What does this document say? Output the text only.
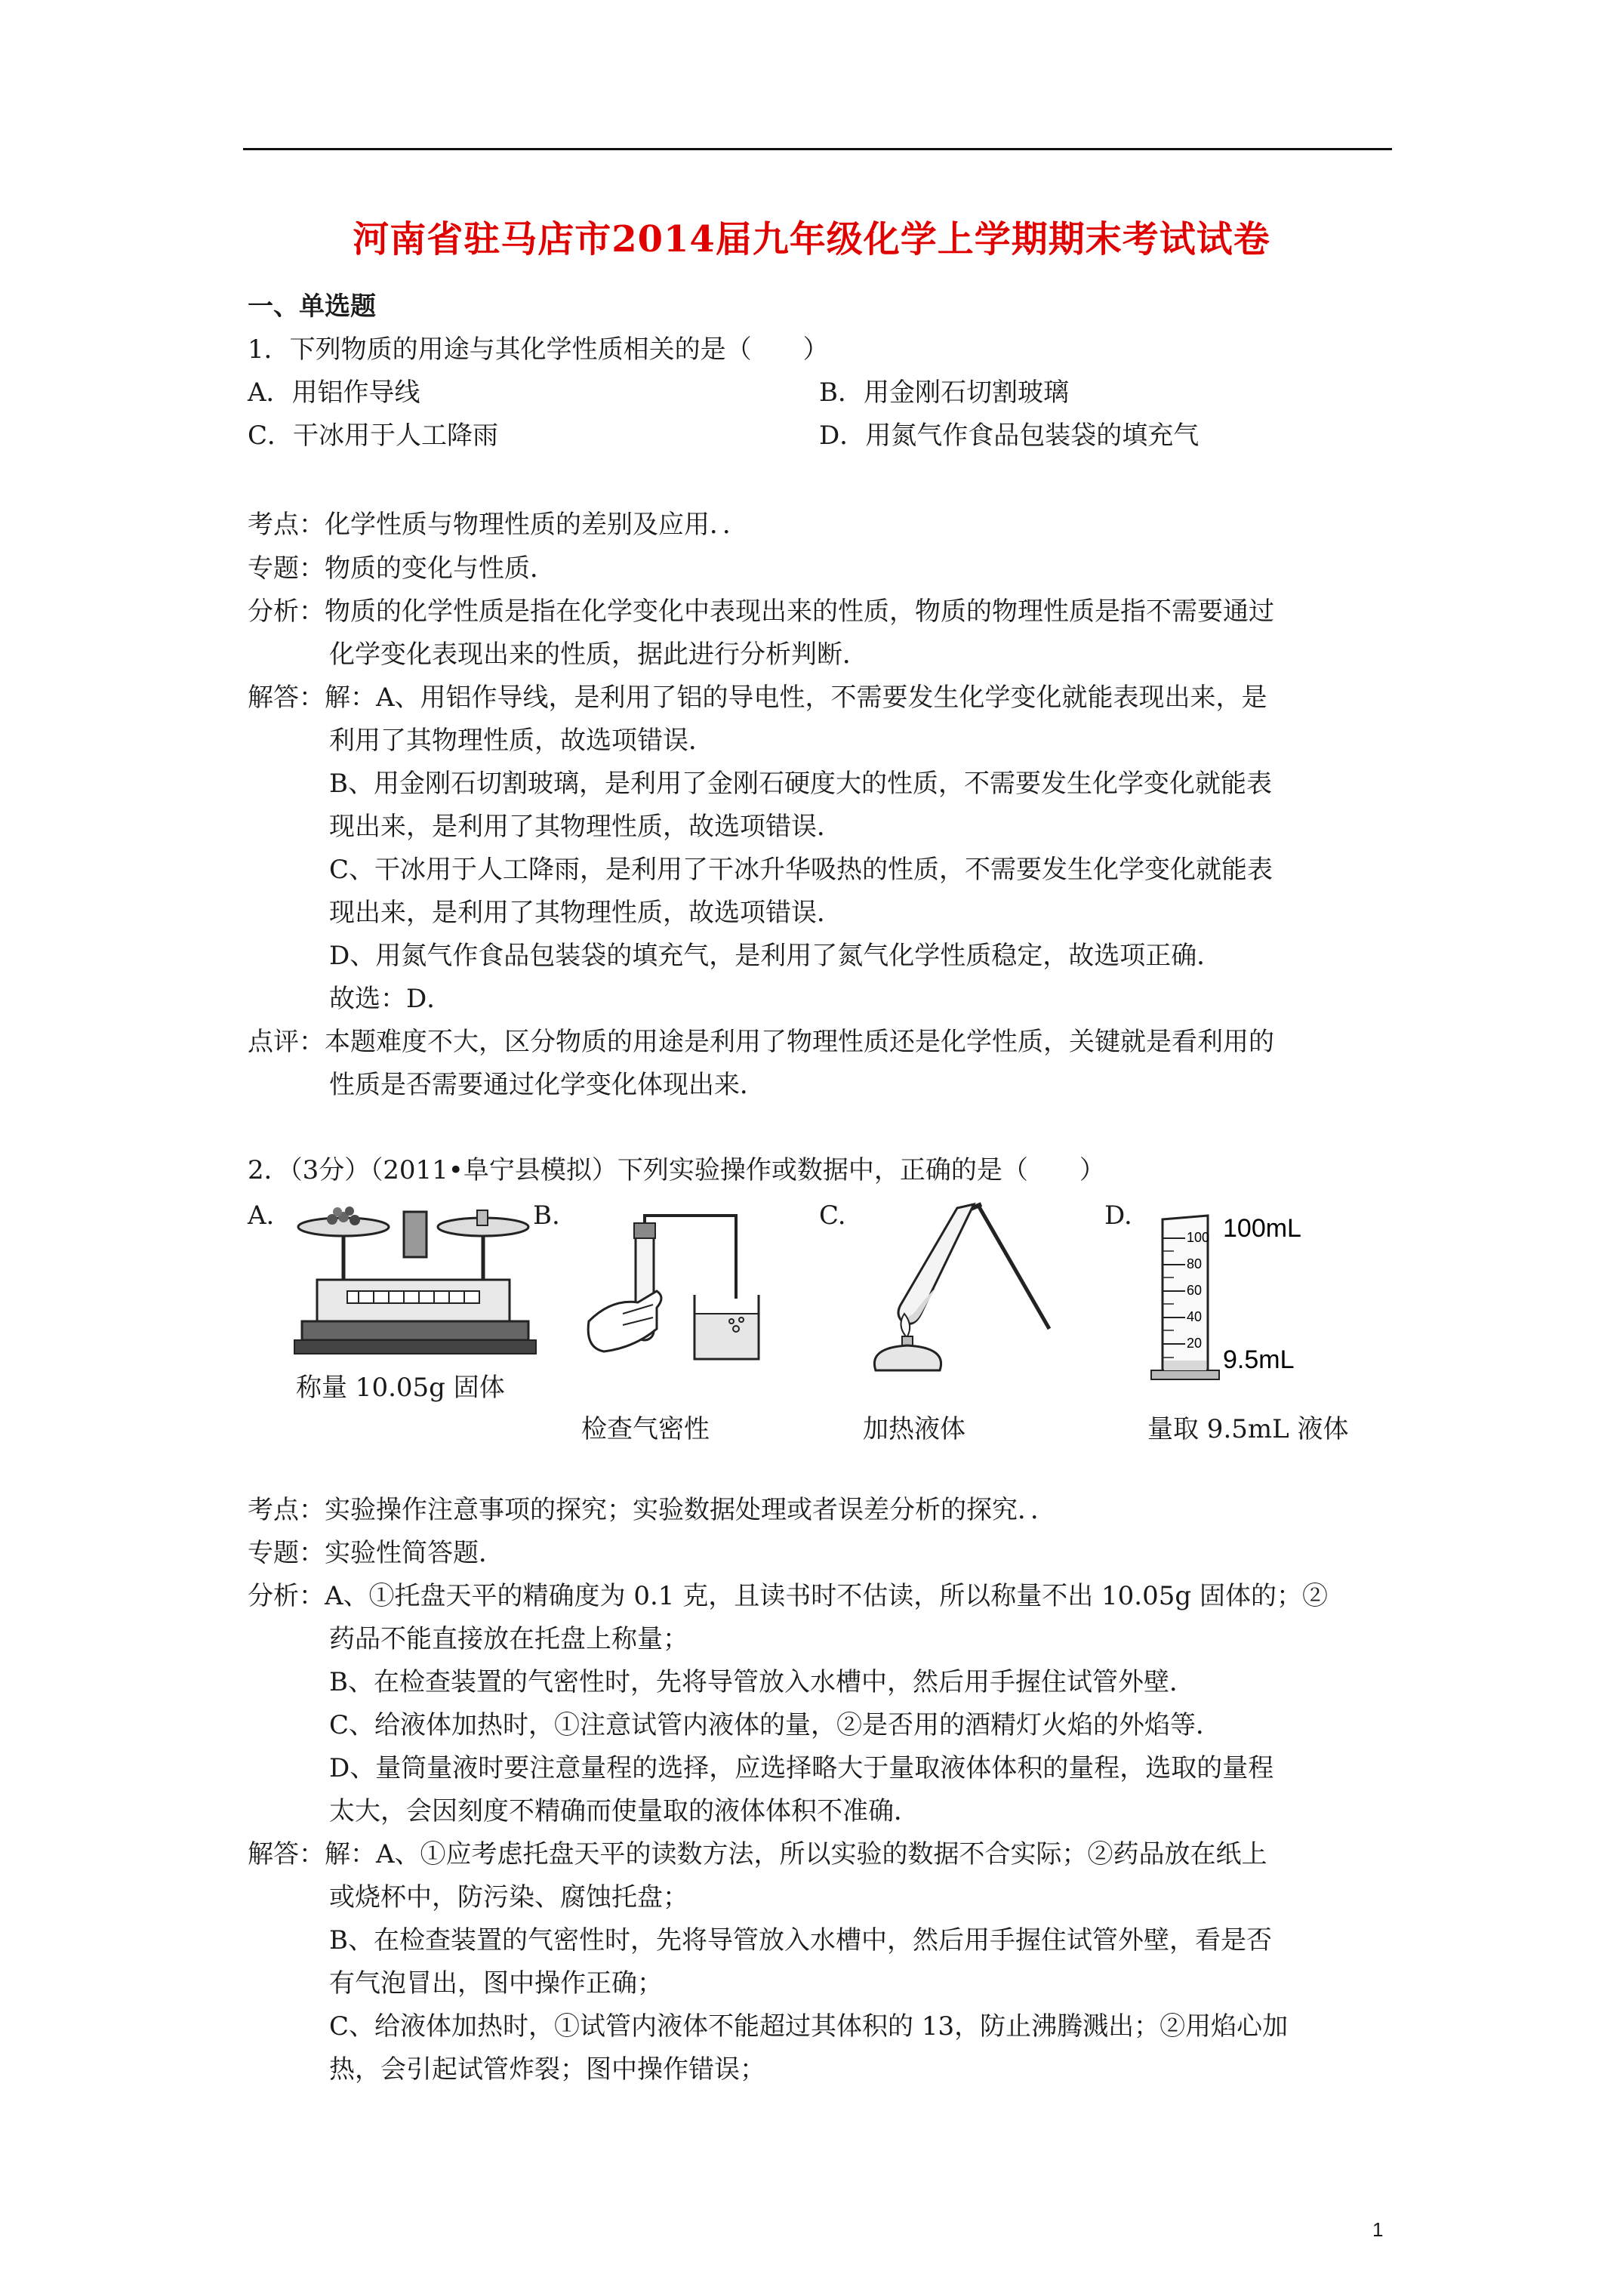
河南省驻马店市2014届九年级化学上学期期末考试试卷
一、单选题
1．下列物质的用途与其化学性质相关的是（　　）
A．用铝作导线	B．用金刚石切割玻璃
C．干冰用于人工降雨	D．用氮气作食品包装袋的填充气
考点：化学性质与物理性质的差别及应用．．
专题：物质的变化与性质．
分析：物质的化学性质是指在化学变化中表现出来的性质，物质的物理性质是指不需要通过
化学变化表现出来的性质，据此进行分析判断．
解答：解：A、用铝作导线，是利用了铝的导电性，不需要发生化学变化就能表现出来，是
利用了其物理性质，故选项错误．
B、用金刚石切割玻璃，是利用了金刚石硬度大的性质，不需要发生化学变化就能表
现出来，是利用了其物理性质，故选项错误．
C、干冰用于人工降雨，是利用了干冰升华吸热的性质，不需要发生化学变化就能表
现出来，是利用了其物理性质，故选项错误．
D、用氮气作食品包装袋的填充气，是利用了氮气化学性质稳定，故选项正确．
故选：D．
点评：本题难度不大，区分物质的用途是利用了物理性质还是化学性质，关键就是看利用的
性质是否需要通过化学变化体现出来．
2．（3分）（2011•阜宁县模拟）下列实验操作或数据中，正确的是（　　）
A.	B.	C.	D.
称量 10.05g 固体
检查气密性	加热液体
100
80
60
40
20
100mL
9.5mL
量取 9.5mL 液体
考点：实验操作注意事项的探究；实验数据处理或者误差分析的探究．．
专题：实验性简答题．
分析：A、①托盘天平的精确度为 0.1 克，且读书时不估读，所以称量不出 10.05g 固体的；②
药品不能直接放在托盘上称量；
B、在检查装置的气密性时，先将导管放入水槽中，然后用手握住试管外壁．
C、给液体加热时，①注意试管内液体的量，②是否用的酒精灯火焰的外焰等．
D、量筒量液时要注意量程的选择，应选择略大于量取液体体积的量程，选取的量程
太大，会因刻度不精确而使量取的液体体积不准确．
解答：解：A、①应考虑托盘天平的读数方法，所以实验的数据不合实际；②药品放在纸上
或烧杯中，防污染、腐蚀托盘；
B、在检查装置的气密性时，先将导管放入水槽中，然后用手握住试管外壁，看是否
有气泡冒出，图中操作正确；
C、给液体加热时，①试管内液体不能超过其体积的 13，防止沸腾溅出；②用焰心加
热，会引起试管炸裂；图中操作错误；
1
